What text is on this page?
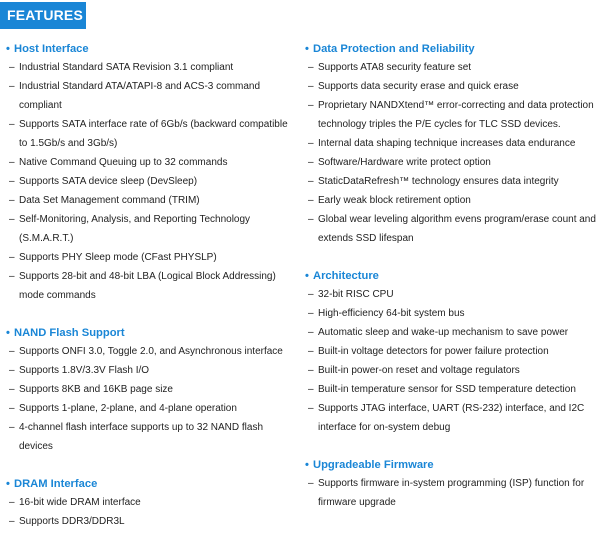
FEATURES
• Host Interface
– Industrial Standard SATA Revision 3.1 compliant
– Industrial Standard ATA/ATAPI-8 and ACS-3 command compliant
– Supports SATA interface rate of 6Gb/s (backward compatible to 1.5Gb/s and 3Gb/s)
– Native Command Queuing up to 32 commands
– Supports SATA device sleep (DevSleep)
– Data Set Management command (TRIM)
– Self-Monitoring, Analysis, and Reporting Technology (S.M.A.R.T.)
– Supports PHY Sleep mode (CFast PHYSLP)
– Supports 28-bit and 48-bit LBA (Logical Block Addressing) mode commands
• NAND Flash Support
– Supports ONFI 3.0, Toggle 2.0, and Asynchronous interface
– Supports 1.8V/3.3V Flash I/O
– Supports 8KB and 16KB page size
– Supports 1-plane, 2-plane, and 4-plane operation
– 4-channel flash interface supports up to 32 NAND flash devices
• DRAM Interface
– 16-bit wide DRAM interface
– Supports DDR3/DDR3L
• Data Protection and Reliability
– Supports ATA8 security feature set
– Supports data security erase and quick erase
– Proprietary NANDXtend™ error-correcting and data protection technology triples the P/E cycles for TLC SSD devices.
– Internal data shaping technique increases data endurance
– Software/Hardware write protect option
– StaticDataRefresh™ technology ensures data integrity
– Early weak block retirement option
– Global wear leveling algorithm evens program/erase count and extends SSD lifespan
• Architecture
– 32-bit RISC CPU
– High-efficiency 64-bit system bus
– Automatic sleep and wake-up mechanism to save power
– Built-in voltage detectors for power failure protection
– Built-in power-on reset and voltage regulators
– Built-in temperature sensor for SSD temperature detection
– Supports JTAG interface, UART (RS-232) interface, and I2C interface for on-system debug
• Upgradeable Firmware
– Supports firmware in-system programming (ISP) function for firmware upgrade
